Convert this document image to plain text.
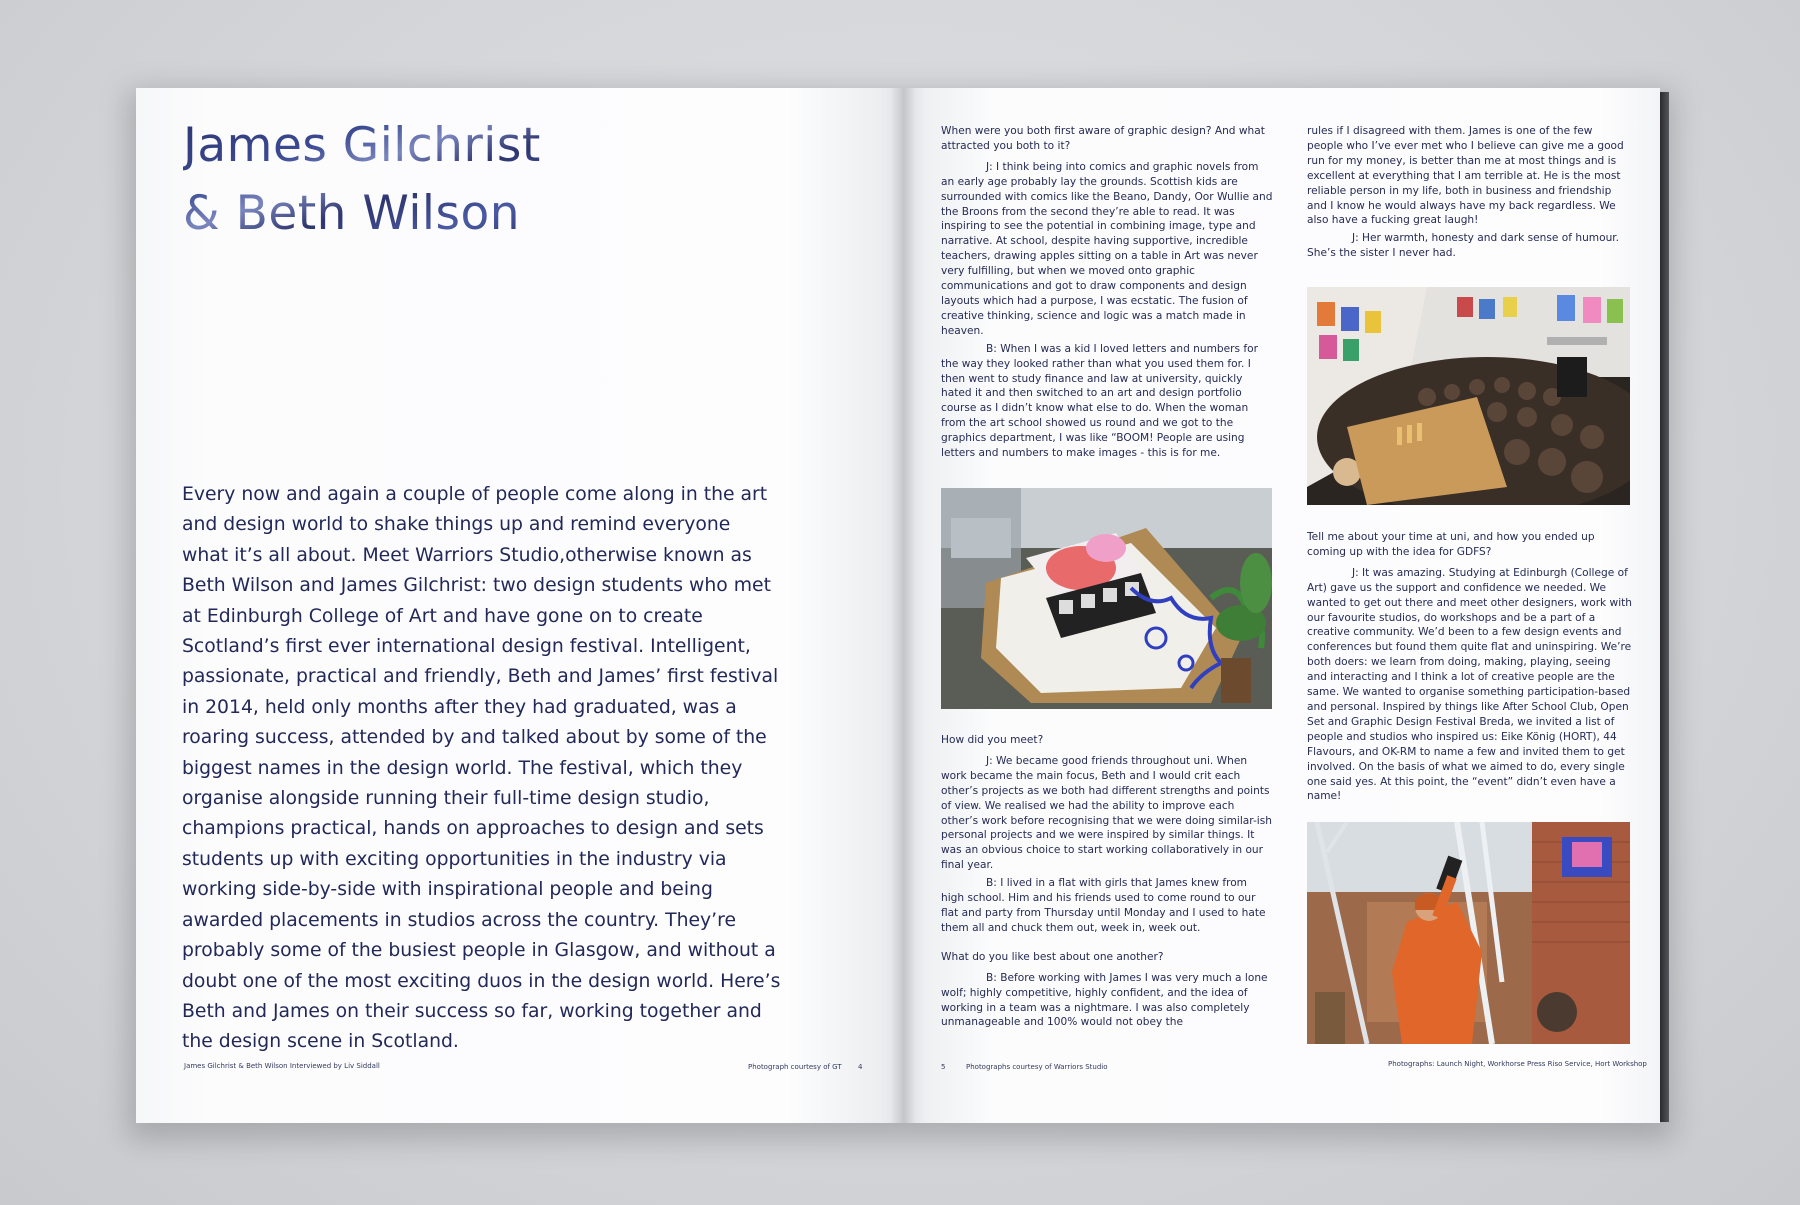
James Gilchrist
& Beth Wilson

Every now and again a couple of people come along in the art and design world to shake things up and remind everyone what it’s all about. Meet Warriors Studio,otherwise known as Beth Wilson and James Gilchrist: two design students who met at Edinburgh College of Art and have gone on to create Scotland’s first ever international design festival. Intelligent, passionate, practical and friendly, Beth and James’ first festival in 2014, held only months after they had graduated, was a roaring success, attended by and talked about by some of the biggest names in the design world. The festival, which they organise alongside running their full-time design studio, champions practical, hands on approaches to design and sets students up with exciting opportunities in the industry via working side-by-side with inspirational people and being awarded placements in studios across the country. They’re probably some of the busiest people in Glasgow, and without a doubt one of the most exciting duos in the design world. Here’s Beth and James on their success so far, working together and the design scene in Scotland.

James Gilchrist & Beth Wilson Interviewed by Liv Siddall	Photograph courtesy of GT 4

When were you both first aware of graphic design? And what attracted you both to it?

J: I think being into comics and graphic novels from an early age probably lay the grounds. Scottish kids are surrounded with comics like the Beano, Dandy, Oor Wullie and the Broons from the second they’re able to read. It was inspiring to see the potential in combining image, type and narrative. At school, despite having supportive, incredible teachers, drawing apples sitting on a table in Art was never very fulfilling, but when we moved onto graphic communications and got to draw components and design layouts which had a purpose, I was ecstatic. The fusion of creative thinking, science and logic was a match made in heaven.

B: When I was a kid I loved letters and numbers for the way they looked rather than what you used them for. I then went to study finance and law at university, quickly hated it and then switched to an art and design portfolio course as I didn’t know what else to do. When the woman from the art school showed us round and we got to the graphics department, I was like “BOOM! People are using letters and numbers to make images - this is for me.

How did you meet?

J: We became good friends throughout uni. When work became the main focus, Beth and I would crit each other’s projects as we both had different strengths and points of view. We realised we had the ability to improve each other’s work before recognising that we were doing similar-ish personal projects and we were inspired by similar things. It was an obvious choice to start working collaboratively in our final year.

B: I lived in a flat with girls that James knew from high school. Him and his friends used to come round to our flat and party from Thursday until Monday and I used to hate them all and chuck them out, week in, week out.

What do you like best about one another?

B: Before working with James I was very much a lone wolf; highly competitive, highly confident, and the idea of working in a team was a nightmare. I was also completely unmanageable and 100% would not obey the

rules if I disagreed with them. James is one of the few people who I’ve ever met who I believe can give me a good run for my money, is better than me at most things and is excellent at everything that I am terrible at. He is the most reliable person in my life, both in business and friendship and I know he would always have my back regardless. We also have a fucking great laugh!

J: Her warmth, honesty and dark sense of humour. She’s the sister I never had.

Tell me about your time at uni, and how you ended up coming up with the idea for GDFS?

J: It was amazing. Studying at Edinburgh (College of Art) gave us the support and confidence we needed. We wanted to get out there and meet other designers, work with our favourite studios, do workshops and be a part of a creative community. We’d been to a few design events and conferences but found them quite flat and uninspiring. We’re both doers: we learn from doing, making, playing, seeing and interacting and I think a lot of creative people are the same. We wanted to organise something participation-based and personal. Inspired by things like After School Club, Open Set and Graphic Design Festival Breda, we invited a list of people and studios who inspired us: Eike König (HORT), 44 Flavours, and OK-RM to name a few and invited them to get involved. On the basis of what we aimed to do, every single one said yes. At this point, the “event” didn’t even have a name!

5	Photographs courtesy of Warriors Studio	Photographs: Launch Night, Workhorse Press Riso Service, Hort Workshop
